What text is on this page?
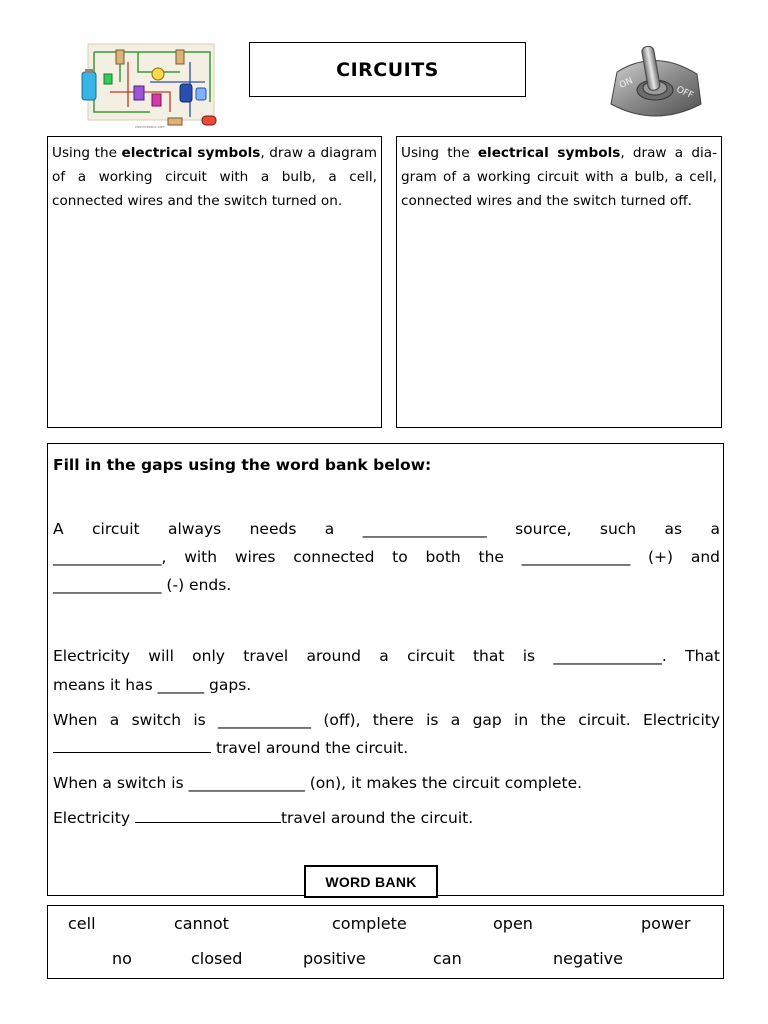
electricbasics.com
CIRCUITS
ON
OFF
Using the electrical symbols, draw a diagram of a working circuit with a bulb, a cell, connected wires and the switch turned on.
Using the electrical symbols, draw a dia-gram of a working circuit with a bulb, a cell, connected wires and the switch turned off.
Fill in the gaps using the word bank below:
A circuit always needs a ________________ source, such as a
______________, with wires connected to both the ______________ (+) and
______________ (-) ends.
Electricity will only travel around a circuit that is ______________. That
means it has ______ gaps.
When a switch is ____________ (off), there is a gap in the circuit. Electricity
travel around the circuit.
When a switch is _______________ (on), it makes the circuit complete.
Electricity	travel around the circuit.
WORD BANK
cell	cannot	complete	open	power
no	closed	positive	can	negative
